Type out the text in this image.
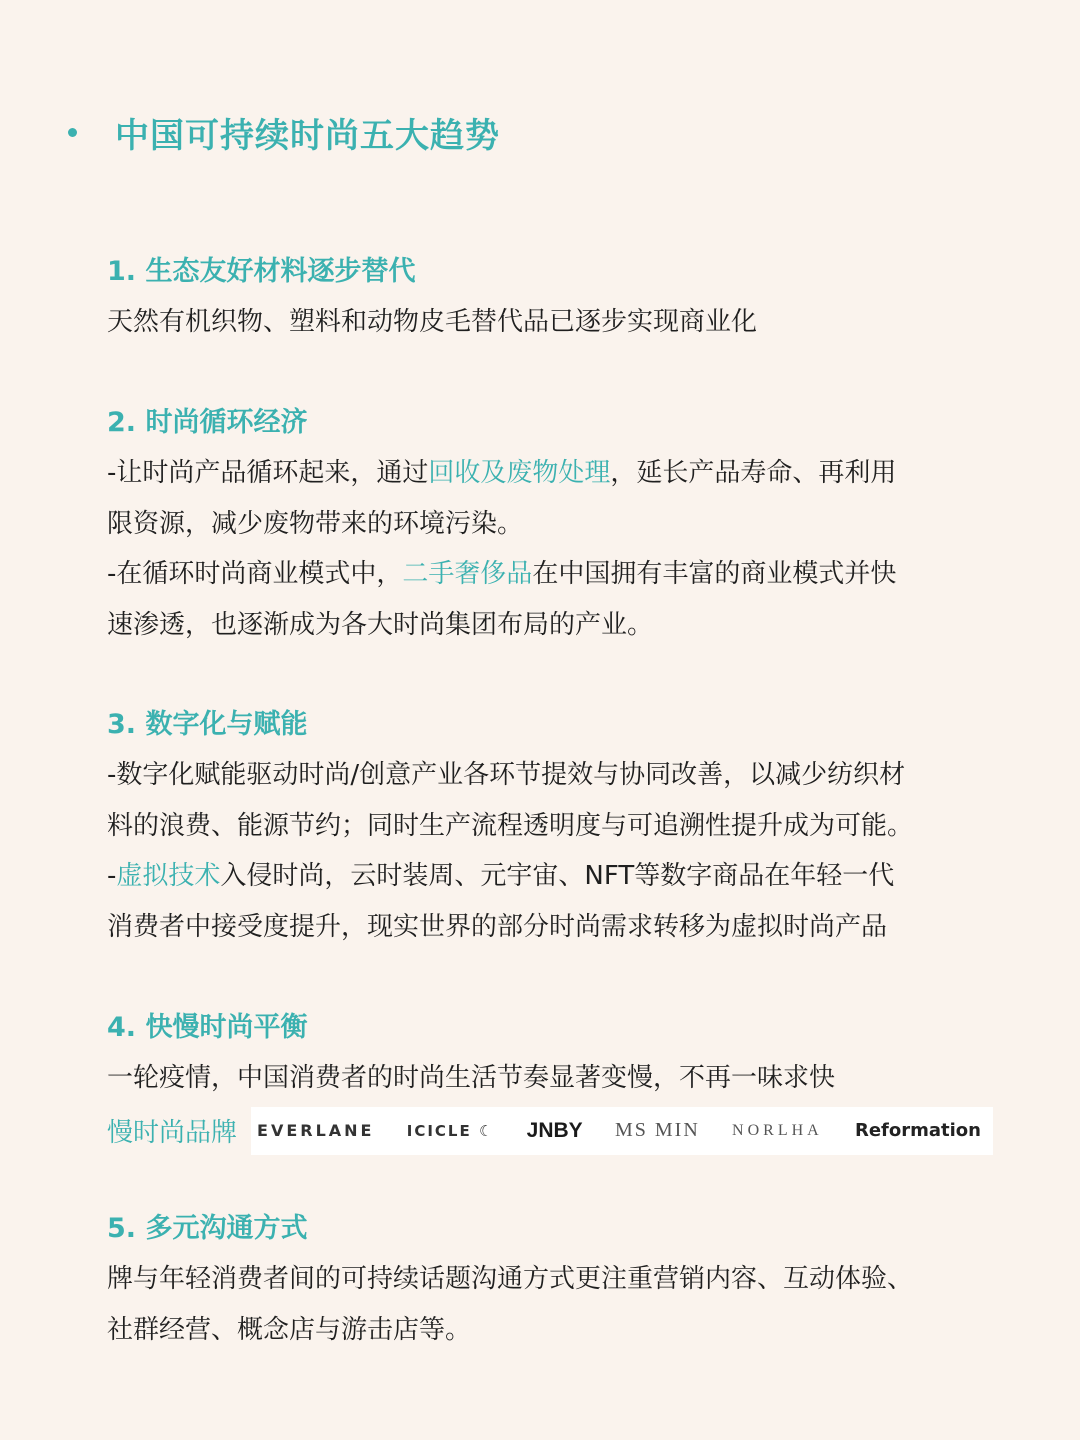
中国可持续时尚五大趋势
1. 生态友好材料逐步替代
天然有机织物、塑料和动物皮毛替代品已逐步实现商业化
2. 时尚循环经济
-让时尚产品循环起来，通过回收及废物处理，延长产品寿命、再利用
限资源，减少废物带来的环境污染。
-在循环时尚商业模式中，二手奢侈品在中国拥有丰富的商业模式并快
速渗透，也逐渐成为各大时尚集团布局的产业。
3. 数字化与赋能
-数字化赋能驱动时尚/创意产业各环节提效与协同改善，以减少纺织材
料的浪费、能源节约；同时生产流程透明度与可追溯性提升成为可能。
-虚拟技术入侵时尚，云时装周、元宇宙、NFT等数字商品在年轻一代
消费者中接受度提升，现实世界的部分时尚需求转移为虚拟时尚产品
4. 快慢时尚平衡
一轮疫情，中国消费者的时尚生活节奏显著变慢，不再一味求快
慢时尚品牌 EVERLANE ICICLE ☾ JNBY MS MIN NORLHA Reformation
5. 多元沟通方式
牌与年轻消费者间的可持续话题沟通方式更注重营销内容、互动体验、
社群经营、概念店与游击店等。
